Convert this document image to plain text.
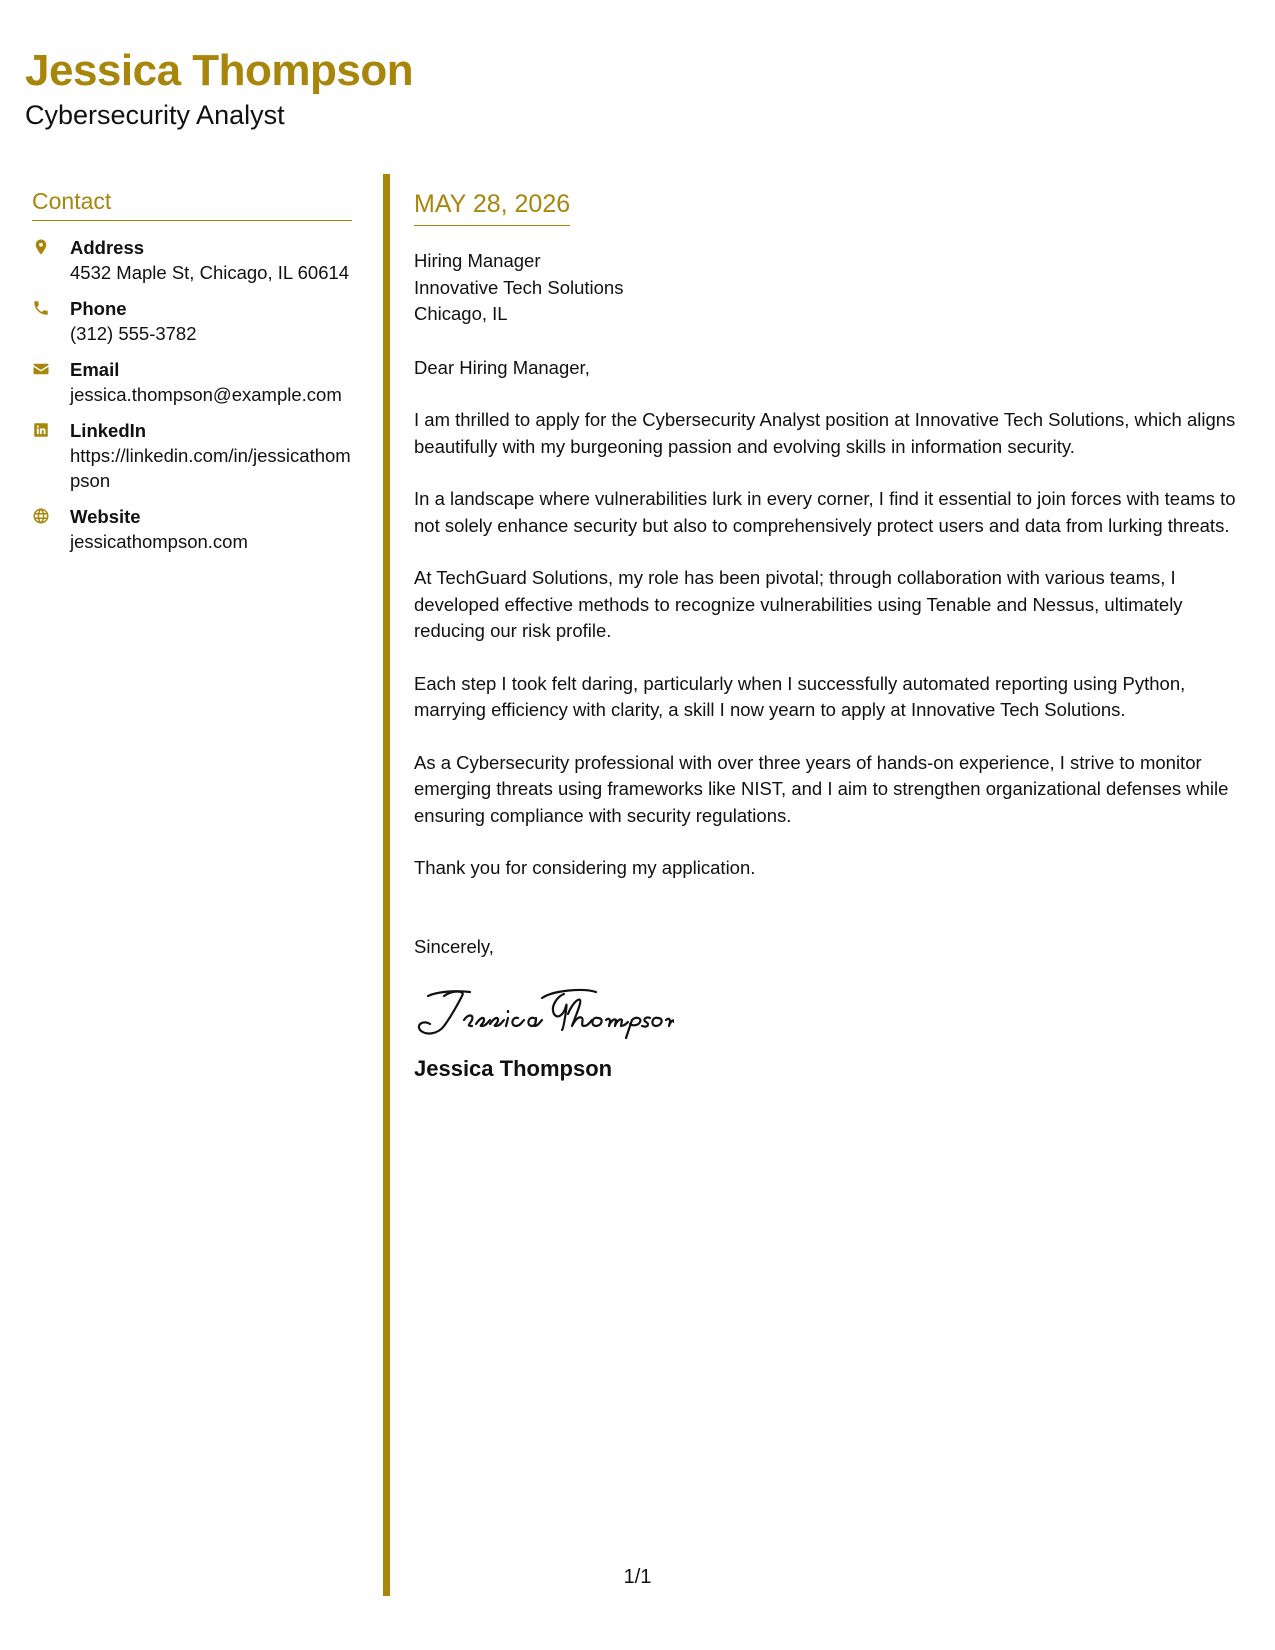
Jessica Thompson
Cybersecurity Analyst
Contact
Address
4532 Maple St, Chicago, IL 60614
Phone
(312) 555-3782
Email
jessica.thompson@example.com
LinkedIn
https://linkedin.com/in/jessicathompson
Website
jessicathompson.com
MAY 28, 2026
Hiring Manager
Innovative Tech Solutions
Chicago, IL

Dear Hiring Manager,

I am thrilled to apply for the Cybersecurity Analyst position at Innovative Tech Solutions, which aligns beautifully with my burgeoning passion and evolving skills in information security.

In a landscape where vulnerabilities lurk in every corner, I find it essential to join forces with teams to not solely enhance security but also to comprehensively protect users and data from lurking threats.

At TechGuard Solutions, my role has been pivotal; through collaboration with various teams, I developed effective methods to recognize vulnerabilities using Tenable and Nessus, ultimately reducing our risk profile.

Each step I took felt daring, particularly when I successfully automated reporting using Python, marrying efficiency with clarity, a skill I now yearn to apply at Innovative Tech Solutions.

As a Cybersecurity professional with over three years of hands-on experience, I strive to monitor emerging threats using frameworks like NIST, and I aim to strengthen organizational defenses while ensuring compliance with security regulations.

Thank you for considering my application.

Sincerely,

Jessica Thompson
1/1
